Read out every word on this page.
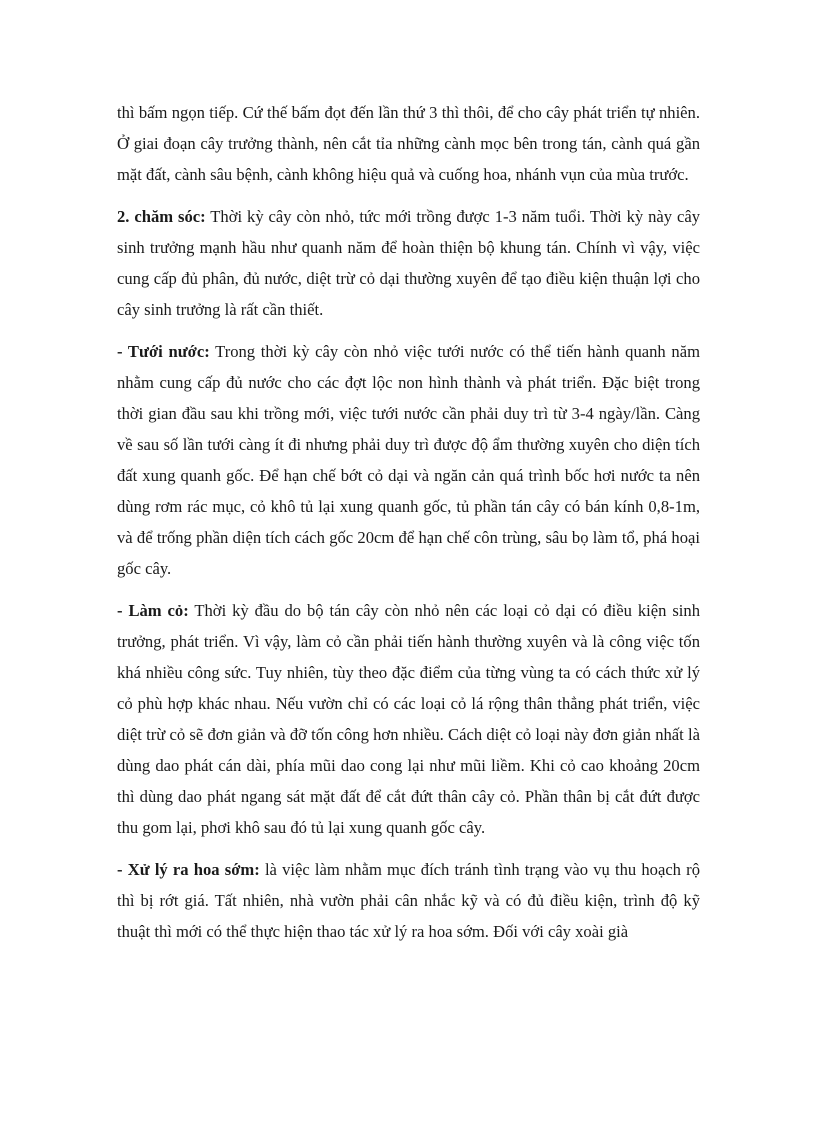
thì bấm ngọn tiếp. Cứ thế bấm đọt đến lần thứ 3 thì thôi, để cho cây phát triển tự nhiên. Ở giai đoạn cây trưởng thành, nên cắt tỉa những cành mọc bên trong tán, cành quá gần mặt đất, cành sâu bệnh, cành không hiệu quả và cuống hoa, nhánh vụn của mùa trước.

2. chăm sóc: Thời kỳ cây còn nhỏ, tức mới trồng được 1-3 năm tuổi. Thời kỳ này cây sinh trưởng mạnh hầu như quanh năm để hoàn thiện bộ khung tán. Chính vì vậy, việc cung cấp đủ phân, đủ nước, diệt trừ cỏ dại thường xuyên để tạo điều kiện thuận lợi cho cây sinh trưởng là rất cần thiết.

- Tưới nước: Trong thời kỳ cây còn nhỏ việc tưới nước có thể tiến hành quanh năm nhằm cung cấp đủ nước cho các đợt lộc non hình thành và phát triển. Đặc biệt trong thời gian đầu sau khi trồng mới, việc tưới nước cần phải duy trì từ 3-4 ngày/lần. Càng về sau số lần tưới càng ít đi nhưng phải duy trì được độ ẩm thường xuyên cho diện tích đất xung quanh gốc. Để hạn chế bớt cỏ dại và ngăn cản quá trình bốc hơi nước ta nên dùng rơm rác mục, cỏ khô tủ lại xung quanh gốc, tủ phần tán cây có bán kính 0,8-1m, và để trống phần diện tích cách gốc 20cm để hạn chế côn trùng, sâu bọ làm tổ, phá hoại gốc cây.

- Làm cỏ: Thời kỳ đầu do bộ tán cây còn nhỏ nên các loại cỏ dại có điều kiện sinh trưởng, phát triển. Vì vậy, làm cỏ cần phải tiến hành thường xuyên và là công việc tốn khá nhiều công sức. Tuy nhiên, tùy theo đặc điểm của từng vùng ta có cách thức xử lý cỏ phù hợp khác nhau. Nếu vườn chỉ có các loại cỏ lá rộng thân thẳng phát triển, việc diệt trừ cỏ sẽ đơn giản và đỡ tốn công hơn nhiều. Cách diệt cỏ loại này đơn giản nhất là dùng dao phát cán dài, phía mũi dao cong lại như mũi liềm. Khi cỏ cao khoảng 20cm thì dùng dao phát ngang sát mặt đất để cắt đứt thân cây cỏ. Phần thân bị cắt đứt được thu gom lại, phơi khô sau đó tủ lại xung quanh gốc cây.

- Xử lý ra hoa sớm: là việc làm nhằm mục đích tránh tình trạng vào vụ thu hoạch rộ thì bị rớt giá. Tất nhiên, nhà vườn phải cân nhắc kỹ và có đủ điều kiện, trình độ kỹ thuật thì mới có thể thực hiện thao tác xử lý ra hoa sớm. Đối với cây xoài già
